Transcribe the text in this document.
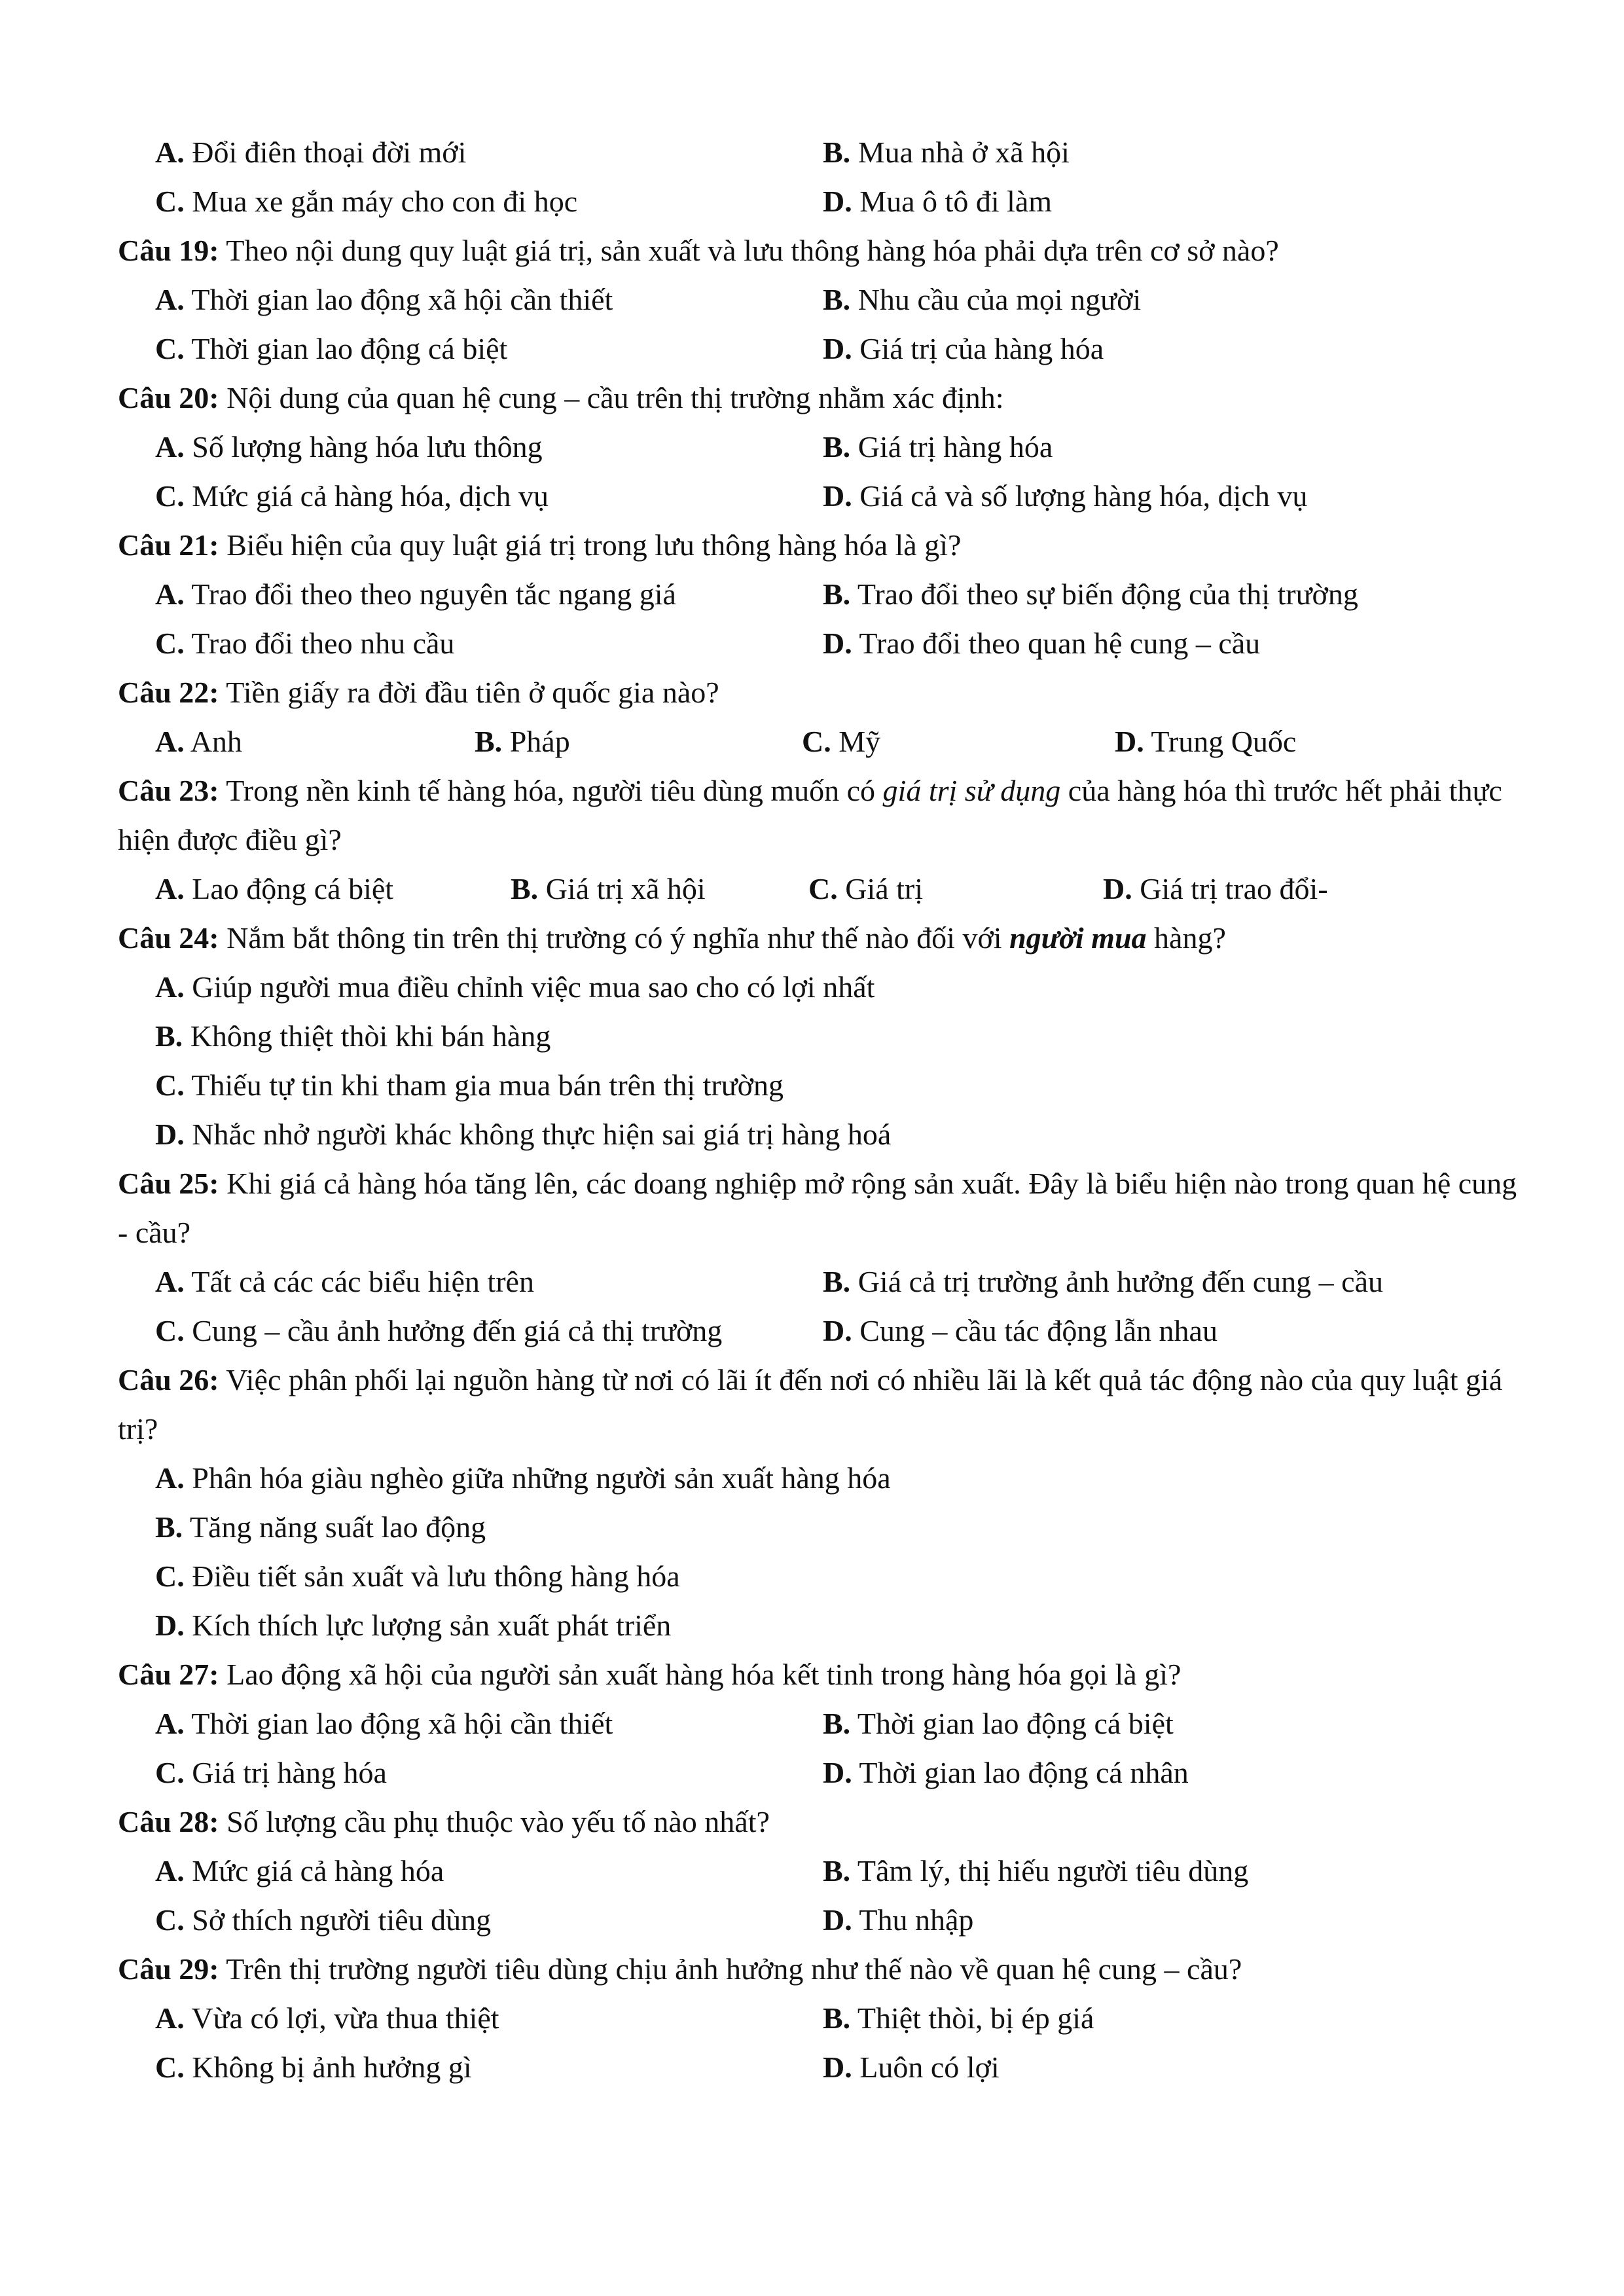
A. Đổi điên thoại đời mới	B. Mua nhà ở xã hội
C. Mua xe gắn máy cho con đi học	D. Mua ô tô đi làm
Câu 19: Theo nội dung quy luật giá trị, sản xuất và lưu thông hàng hóa phải dựa trên cơ sở nào?
A. Thời gian lao động xã hội cần thiết	B. Nhu cầu của mọi người
C. Thời gian lao động cá biệt	D. Giá trị của hàng hóa
Câu 20: Nội dung của quan hệ cung – cầu trên thị trường nhằm xác định:
A. Số lượng hàng hóa lưu thông	B. Giá trị hàng hóa
C. Mức giá cả hàng hóa, dịch vụ	D. Giá cả và số lượng hàng hóa, dịch vụ
Câu 21: Biểu hiện của quy luật giá trị trong lưu thông hàng hóa là gì?
A. Trao đổi theo theo nguyên tắc ngang giá	B. Trao đổi theo sự biến động của thị trường
C. Trao đổi theo nhu cầu	D. Trao đổi theo quan hệ cung – cầu
Câu 22: Tiền giấy ra đời đầu tiên ở quốc gia nào?
A. Anh	B. Pháp	C. Mỹ	D. Trung Quốc
Câu 23: Trong nền kinh tế hàng hóa, người tiêu dùng muốn có giá trị sử dụng của hàng hóa thì trước hết phải thực hiện được điều gì?
A. Lao động cá biệt	B. Giá trị xã hội	C. Giá trị	D. Giá trị trao đổi-
Câu 24: Nắm bắt thông tin trên thị trường có ý nghĩa như thế nào đối với người mua hàng?
A. Giúp người mua điều chỉnh việc mua sao cho có lợi nhất
B. Không thiệt thòi khi bán hàng
C. Thiếu tự tin khi tham gia mua bán trên thị trường
D. Nhắc nhở người khác không thực hiện sai giá trị hàng hoá
Câu 25: Khi giá cả hàng hóa tăng lên, các doang nghiệp mở rộng sản xuất. Đây là biểu hiện nào trong quan hệ cung - cầu?
A. Tất cả các các biểu hiện trên	B. Giá cả trị trường ảnh hưởng đến cung – cầu
C. Cung – cầu ảnh hưởng đến giá cả thị trường	D. Cung – cầu tác động lẫn nhau
Câu 26: Việc phân phối lại nguồn hàng từ nơi có lãi ít đến nơi có nhiều lãi là kết quả tác động nào của quy luật giá trị?
A. Phân hóa giàu nghèo giữa những người sản xuất hàng hóa
B. Tăng năng suất lao động
C. Điều tiết sản xuất và lưu thông hàng hóa
D. Kích thích lực lượng sản xuất phát triển
Câu 27: Lao động xã hội của người sản xuất hàng hóa kết tinh trong hàng hóa gọi là gì?
A. Thời gian lao động xã hội cần thiết	B. Thời gian lao động cá biệt
C. Giá trị hàng hóa	D. Thời gian lao động cá nhân
Câu 28: Số lượng cầu phụ thuộc vào yếu tố nào nhất?
A. Mức giá cả hàng hóa	B. Tâm lý, thị hiếu người tiêu dùng
C. Sở thích người tiêu dùng	D. Thu nhập
Câu 29: Trên thị trường người tiêu dùng chịu ảnh hưởng như thế nào về quan hệ cung – cầu?
A. Vừa có lợi, vừa thua thiệt	B. Thiệt thòi, bị ép giá
C. Không bị ảnh hưởng gì	D. Luôn có lợi
